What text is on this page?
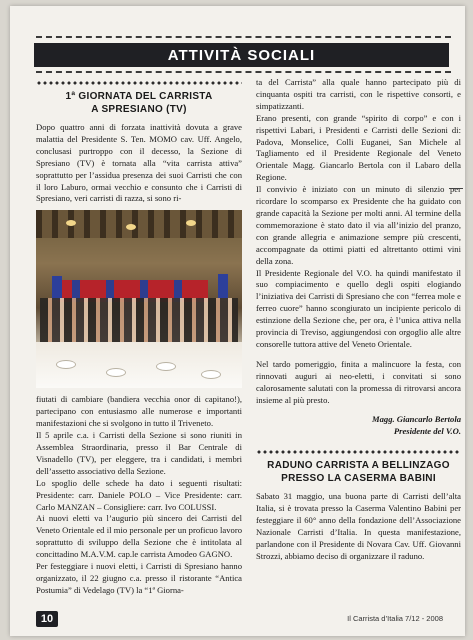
ATTIVITÀ SOCIALI
1ª GIORNATA DEL CARRISTA
A SPRESIANO (TV)

Dopo quattro anni di forzata inattività dovuta a grave malattia del Presidente S. Ten. MOMO cav. Uff. Angelo, conclusasi purtroppo con il decesso, la Sezione di Spresiano (TV) è tornata alla “vita carrista attiva” soprattutto per l’assidua presenza dei suoi Carristi che con il loro Laburo, ormai vecchio e consunto che i Carristi di Spresiano, veri carristi di razza, si sono ri-

fiutati di cambiare (bandiera vecchia onor di capitano!), partecipano con entusiasmo alle numerose e importanti manifestazioni che si svolgono in tutto il Triveneto.

Il 5 aprile c.a. i Carristi della Sezione si sono riuniti in Assemblea Straordinaria, presso il Bar Centrale di Visnadello (TV), per eleggere, tra i candidati, i membri dell’assetto associativo della Sezione.

Lo spoglio delle schede ha dato i seguenti risultati: Presidente: carr. Daniele POLO – Vice Presidente: carr. Carlo MANZAN – Consigliere: carr. Ivo COLUSSI.

Ai nuovi eletti va l’augurio più sincero dei Carristi del Veneto Orientale ed il mio personale per un proficuo lavoro soprattutto di sviluppo della Sezione che è intitolata al concittadino M.A.V.M. cap.le carrista Amodeo GAGNO.

Per festeggiare i nuovi eletti, i Carristi di Spresiano hanno organizzato, il 22 giugno c.a. presso il ristorante “Antica Postumia” di Vedelago (TV) la “1ª Giorna-

ta del Carrista” alla quale hanno partecipato più di cinquanta ospiti tra carristi, con le rispettive consorti, e simpatizzanti.

Erano presenti, con grande “spirito di corpo” e con i rispettivi Labari, i Presidenti e Carristi delle Sezioni di: Padova, Monselice, Colli Euganei, San Michele al Tagliamento ed il Presidente Regionale del Veneto Orientale Magg. Giancarlo Bertola con il Labaro della Regione.

Il convivio è iniziato con un minuto di silenzio per ricordare lo scomparso ex Presidente che ha guidato con grande capacità la Sezione per molti anni. Al termine della commemorazione è stato dato il via all’inizio del pranzo, con grande allegria e animazione sempre più crescenti, accompagnate da ottimi piatti ed altrettanto ottimi vini della zona.

Il Presidente Regionale del V.O. ha quindi manifestato il suo compiacimento e quello degli ospiti elogiando l’iniziativa dei Carristi di Spresiano che con “ferrea mole e ferreo cuore” hanno scongiurato un incipiente pericolo di estinzione della Sezione che, per ora, è l’unica attiva nella provincia di Treviso, aggiungendosi con orgoglio alle altre consorelle tuttora attive del Veneto Orientale.

Nel tardo pomeriggio, finita a malincuore la festa, con rinnovati auguri ai neo-eletti, i convitati si sono calorosamente salutati con la promessa di ritrovarsi ancora insieme al più presto.

Magg. Giancarlo Bertola
Presidente del V.O.
RADUNO CARRISTA A BELLINZAGO
PRESSO LA CASERMA BABINI

Sabato 31 maggio, una buona parte di Carristi dell’alta Italia, si è trovata presso la Caserma Valentino Babini per festeggiare il 60° anno della fondazione dell’Associazione Nazionale Carristi d’Italia. In questa manifestazione, parlandone con il Presidente di Novara Cav. Uff. Giovanni Strozzi, abbiamo deciso di organizzare il raduno.

10	Il Carrista d’Italia 7/12 - 2008
